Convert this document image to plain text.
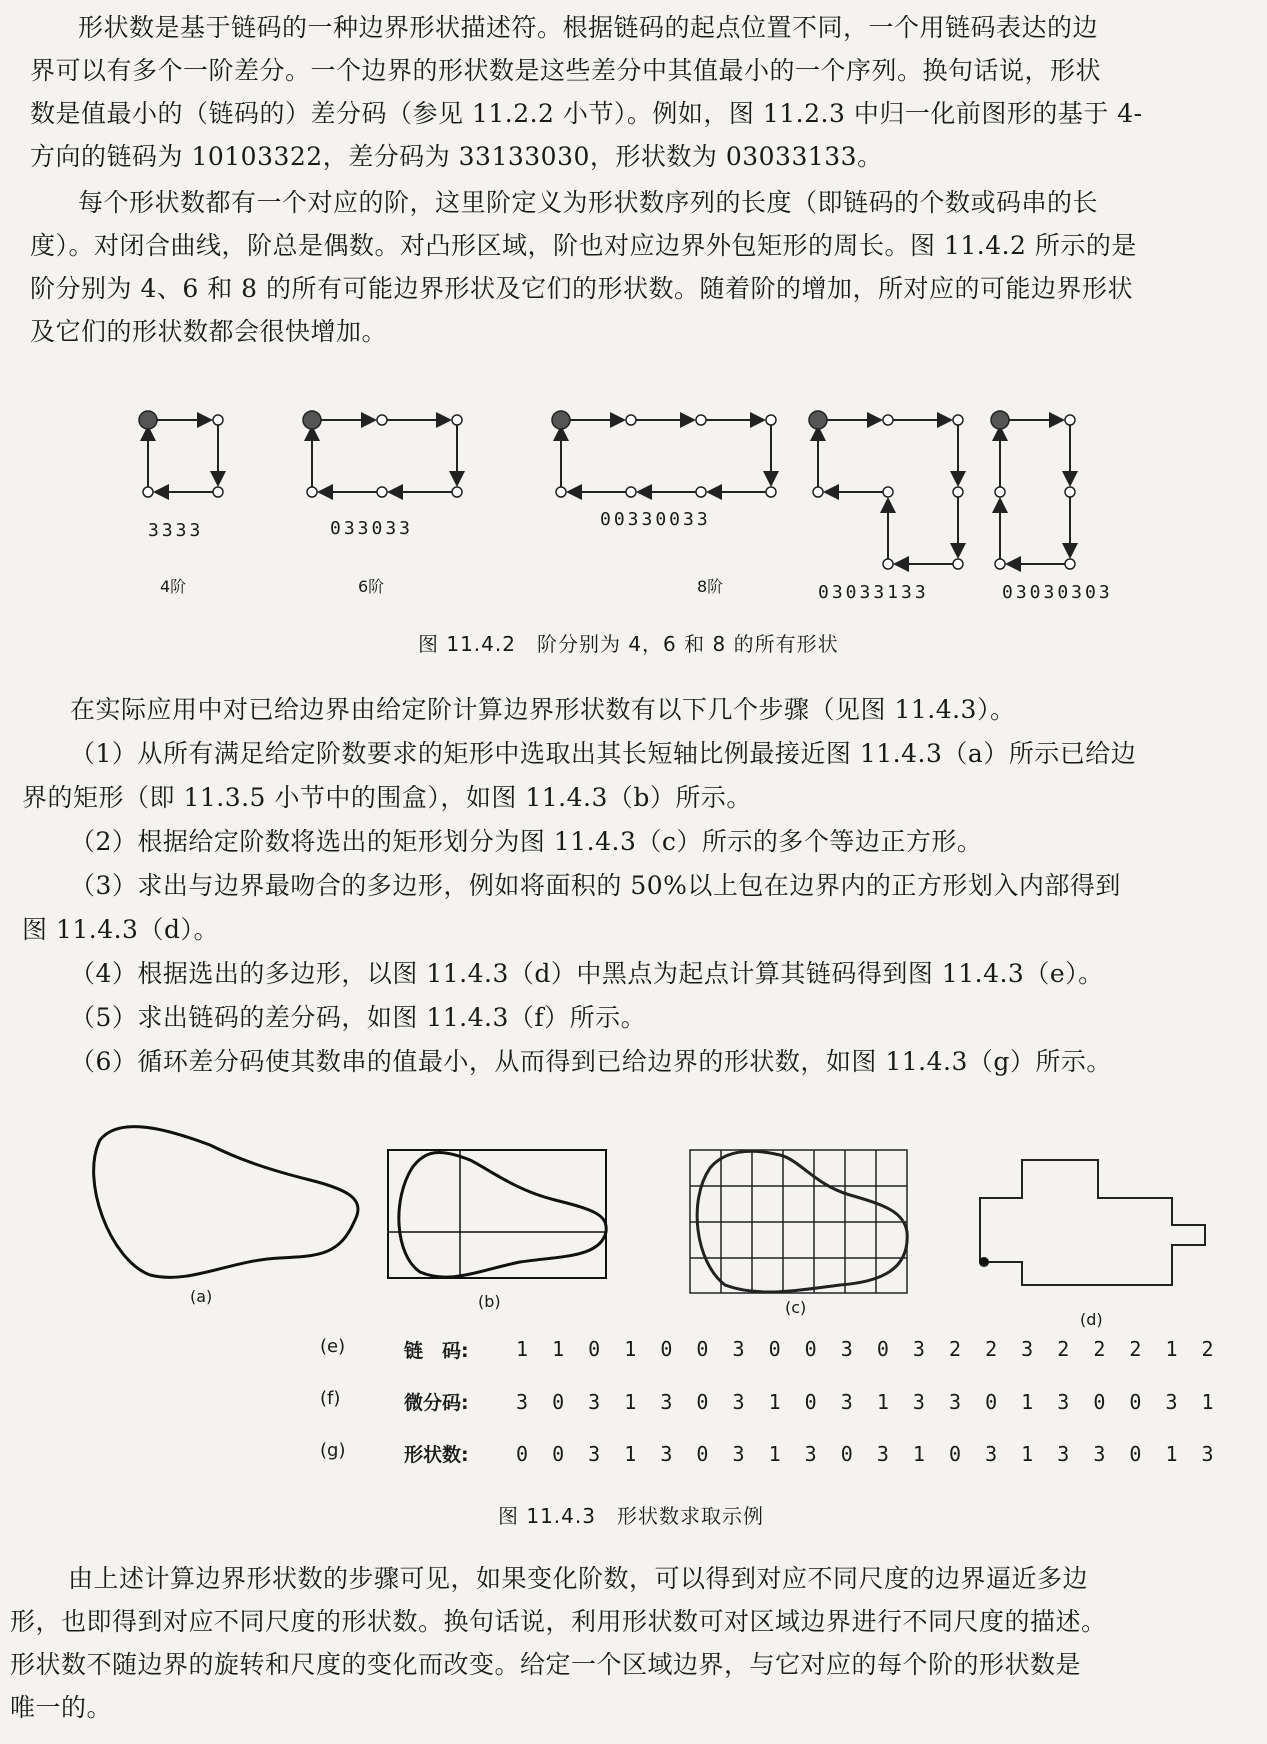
形状数是基于链码的一种边界形状描述符。根据链码的起点位置不同，一个用链码表达的边
界可以有多个一阶差分。一个边界的形状数是这些差分中其值最小的一个序列。换句话说，形状
数是值最小的（链码的）差分码（参见 11.2.2 小节）。例如，图 11.2.3 中归一化前图形的基于 4-
方向的链码为 10103322，差分码为 33133030，形状数为 03033133。
每个形状数都有一个对应的阶，这里阶定义为形状数序列的长度（即链码的个数或码串的长
度）。对闭合曲线，阶总是偶数。对凸形区域，阶也对应边界外包矩形的周长。图 11.4.2 所示的是
阶分别为 4、6 和 8 的所有可能边界形状及它们的形状数。随着阶的增加，所对应的可能边界形状
及它们的形状数都会很快增加。
3333	033033	00330033
03033133	03030303
4阶	6阶	8阶
图 11.4.2　阶分别为 4，6 和 8 的所有形状
在实际应用中对已给边界由给定阶计算边界形状数有以下几个步骤（见图 11.4.3）。
（1）从所有满足给定阶数要求的矩形中选取出其长短轴比例最接近图 11.4.3（a）所示已给边
界的矩形（即 11.3.5 小节中的围盒），如图 11.4.3（b）所示。
（2）根据给定阶数将选出的矩形划分为图 11.4.3（c）所示的多个等边正方形。
（3）求出与边界最吻合的多边形，例如将面积的 50%以上包在边界内的正方形划入内部得到
图 11.4.3（d）。
（4）根据选出的多边形，以图 11.4.3（d）中黑点为起点计算其链码得到图 11.4.3（e）。
（5）求出链码的差分码，如图 11.4.3（f）所示。
（6）循环差分码使其数串的值最小，从而得到已给边界的形状数，如图 11.4.3（g）所示。
(a)	(b)	(c)
(d)
(e)	链　码: 1 1 0 1 0 0 3 0 0 3 0 3 2 2 3 2 2 2 1 2
(f)	微分码: 3 0 3 1 3 0 3 1 0 3 1 3 3 0 1 3 0 0 3 1
(g)	形状数: 0 0 3 1 3 0 3 1 3 0 3 1 0 3 1 3 3 0 1 3
图 11.4.3　形状数求取示例
由上述计算边界形状数的步骤可见，如果变化阶数，可以得到对应不同尺度的边界逼近多边
形，也即得到对应不同尺度的形状数。换句话说，利用形状数可对区域边界进行不同尺度的描述。
形状数不随边界的旋转和尺度的变化而改变。给定一个区域边界，与它对应的每个阶的形状数是
唯一的。
